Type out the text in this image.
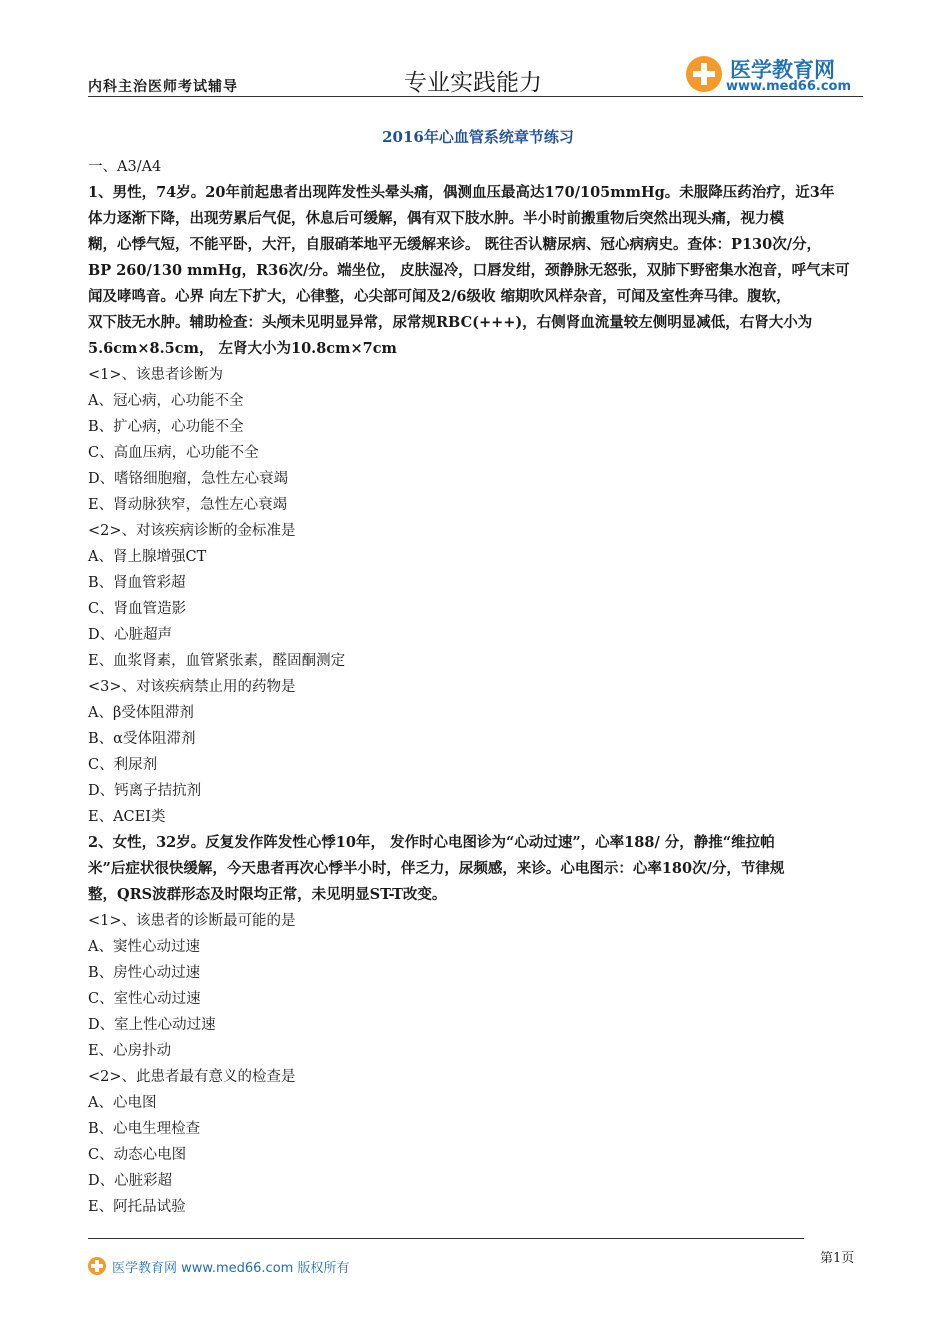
内科主治医师考试辅导	专业实践能力	医学教育网
www.med66.com
2016年心血管系统章节练习
一、A3/A4
1、男性，74岁。20年前起患者出现阵发性头晕头痛，偶测血压最高达170/105mmHg。未服降压药治疗，近3年
体力逐渐下降，出现劳累后气促，休息后可缓解，偶有双下肢水肿。半小时前搬重物后突然出现头痛，视力模
糊，心悸气短，不能平卧，大汗，自服硝苯地平无缓解来诊。 既往否认糖尿病、冠心病病史。查体：P130次/分，
BP 260/130 mmHg，R36次/分。端坐位， 皮肤湿冷，口唇发绀，颈静脉无怒张，双肺下野密集水泡音，呼气末可
闻及哮鸣音。心界 向左下扩大，心律整，心尖部可闻及2/6级收 缩期吹风样杂音，可闻及室性奔马律。腹软，
双下肢无水肿。辅助检查：头颅未见明显异常，尿常规RBC(+++)，右侧肾血流量较左侧明显减低，右肾大小为
5.6cm×8.5cm， 左肾大小为10.8cm×7cm
<1>、该患者诊断为
A、冠心病，心功能不全
B、扩心病，心功能不全
C、高血压病，心功能不全
D、嗜铬细胞瘤，急性左心衰竭
E、肾动脉狭窄，急性左心衰竭
<2>、对该疾病诊断的金标准是
A、肾上腺增强CT
B、肾血管彩超
C、肾血管造影
D、心脏超声
E、血浆肾素，血管紧张素，醛固酮测定
<3>、对该疾病禁止用的药物是
A、β受体阻滞剂
B、α受体阻滞剂
C、利尿剂
D、钙离子拮抗剂
E、ACEI类
2、女性，32岁。反复发作阵发性心悸10年， 发作时心电图诊为“心动过速”，心率188/ 分，静推“维拉帕
米”后症状很快缓解，今天患者再次心悸半小时，伴乏力，尿频感，来诊。心电图示：心率180次/分，节律规
整，QRS波群形态及时限均正常，未见明显ST-T改变。
<1>、该患者的诊断最可能的是
A、窦性心动过速
B、房性心动过速
C、室性心动过速
D、室上性心动过速
E、心房扑动
<2>、此患者最有意义的检查是
A、心电图
B、心电生理检查
C、动态心电图
D、心脏彩超
E、阿托品试验
医学教育网 www.med66.com 版权所有
第1页
